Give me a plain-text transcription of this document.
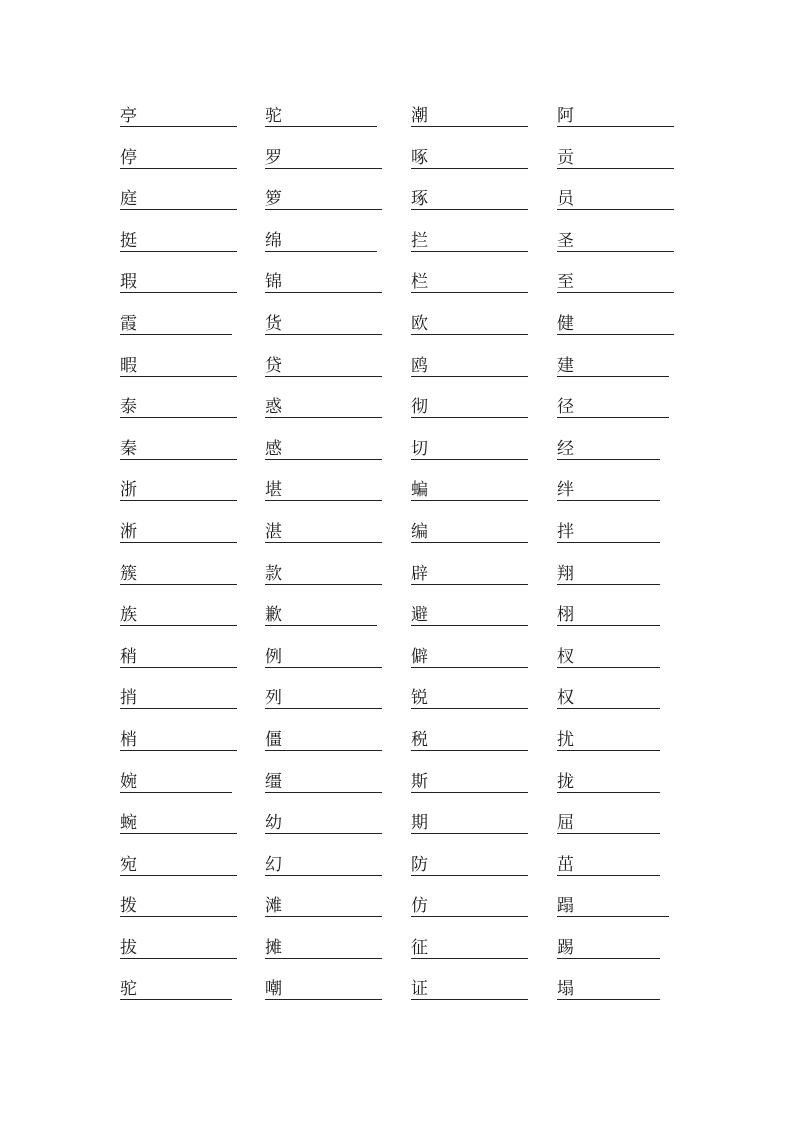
亭
停
庭
挺
瑕
霞
暇
泰
秦
浙
淅
簇
族
稍
捎
梢
婉
蜿
宛
拨
拔
驼
驼
罗
箩
绵
锦
货
贷
惑
感
堪
湛
款
歉
例
列
僵
缰
幼
幻
滩
摊
嘲
潮
啄
琢
拦
栏
欧
鸥
彻
切
蝙
编
辟
避
僻
锐
税
斯
期
防
仿
征
证
阿
贡
员
圣
至
健
建
径
经
绊
拌
翔
栩
杈
权
扰
拢
屈
茁
蹋
踢
塌
